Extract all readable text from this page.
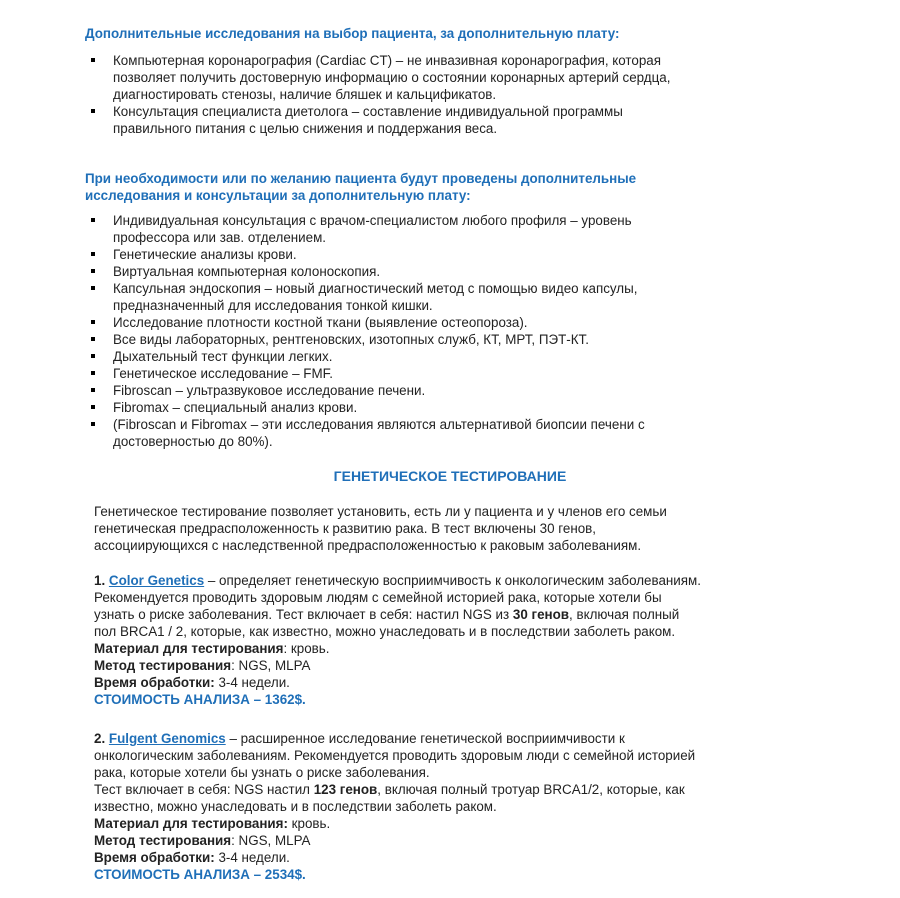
Дополнительные исследования на выбор пациента, за дополнительную плату:
Компьютерная коронарография (Cardiac CT) – не инвазивная коронарография, которая
позволяет получить достоверную информацию о состоянии коронарных артерий сердца,
диагностировать стенозы, наличие бляшек и кальцификатов.
Консультация специалиста диетолога – составление индивидуальной программы
правильного питания с целью снижения и поддержания веса.
При необходимости или по желанию пациента будут проведены дополнительные
исследования и консультации за дополнительную плату:
Индивидуальная консультация с врачом-специалистом любого профиля – уровень
профессора или зав. отделением.
Генетические анализы крови.
Виртуальная компьютерная колоноскопия.
Капсульная эндоскопия – новый диагностический метод с помощью видео капсулы,
предназначенный для исследования тонкой кишки.
Исследование плотности костной ткани (выявление остеопороза).
Все виды лабораторных, рентгеновских, изотопных служб, КТ, МРТ, ПЭТ-КТ.
Дыхательный тест функции легких.
Генетическое исследование – FMF.
Fibroscan – ультразвуковое исследование печени.
Fibromax – специальный анализ крови.
(Fibroscan и Fibromax – эти исследования являются альтернативой биопсии печени с
достоверностью до 80%).
ГЕНЕТИЧЕСКОЕ ТЕСТИРОВАНИЕ
Генетическое тестирование позволяет установить, есть ли у пациента и у членов его семьи
генетическая предрасположенность к развитию рака. В тест включены 30 генов,
ассоциирующихся с наследственной предрасположенностью к раковым заболеваниям.
1. Color Genetics – определяет генетическую восприимчивость к онкологическим заболеваниям.
Рекомендуется проводить здоровым людям с семейной историей рака, которые хотели бы
узнать о риске заболевания. Тест включает в себя: настил NGS из 30 генов, включая полный
пол BRCA1 / 2, которые, как известно, можно унаследовать и в последствии заболеть раком.
Материал для тестирования: кровь.
Метод тестирования: NGS, MLPA
Время обработки: 3-4 недели.
СТОИМОСТЬ АНАЛИЗА – 1362$.
2. Fulgent Genomics – расширенное исследование генетической восприимчивости к
онкологическим заболеваниям. Рекомендуется проводить здоровым люди с семейной историей
рака, которые хотели бы узнать о риске заболевания.
Тест включает в себя: NGS настил 123 генов, включая полный тротуар BRCA1/2, которые, как
известно, можно унаследовать и в последствии заболеть раком.
Материал для тестирования: кровь.
Метод тестирования: NGS, MLPA
Время обработки: 3-4 недели.
СТОИМОСТЬ АНАЛИЗА – 2534$.
